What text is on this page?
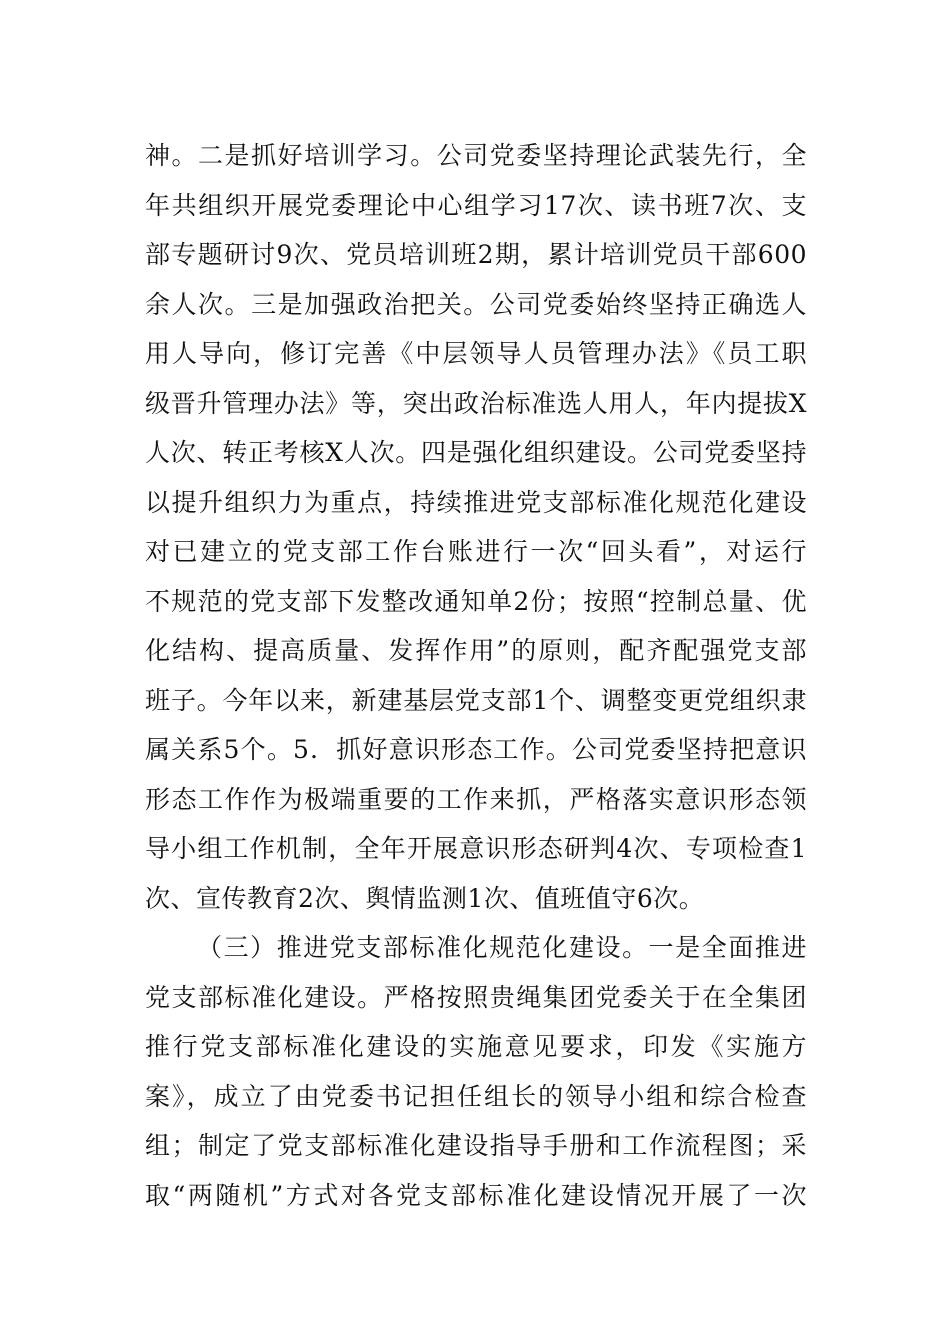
神。二是抓好培训学习。公司党委坚持理论武装先行，全
年共组织开展党委理论中心组学习17次、读书班7次、支
部专题研讨9次、党员培训班2期，累计培训党员干部600
余人次。三是加强政治把关。公司党委始终坚持正确选人
用人导向，修订完善《中层领导人员管理办法》《员工职
级晋升管理办法》等，突出政治标准选人用人，年内提拔X
人次、转正考核X人次。四是强化组织建设。公司党委坚持
以提升组织力为重点，持续推进党支部标准化规范化建设
对已建立的党支部工作台账进行一次“回头看”，对运行
不规范的党支部下发整改通知单2份；按照“控制总量、优
化结构、提高质量、发挥作用”的原则，配齐配强党支部
班子。今年以来，新建基层党支部1个、调整变更党组织隶
属关系5个。5．抓好意识形态工作。公司党委坚持把意识
形态工作作为极端重要的工作来抓，严格落实意识形态领
导小组工作机制，全年开展意识形态研判4次、专项检查1
次、宣传教育2次、舆情监测1次、值班值守6次。
（三）推进党支部标准化规范化建设。一是全面推进
党支部标准化建设。严格按照贵绳集团党委关于在全集团
推行党支部标准化建设的实施意见要求，印发《实施方
案》，成立了由党委书记担任组长的领导小组和综合检查
组；制定了党支部标准化建设指导手册和工作流程图；采
取“两随机”方式对各党支部标准化建设情况开展了一次
